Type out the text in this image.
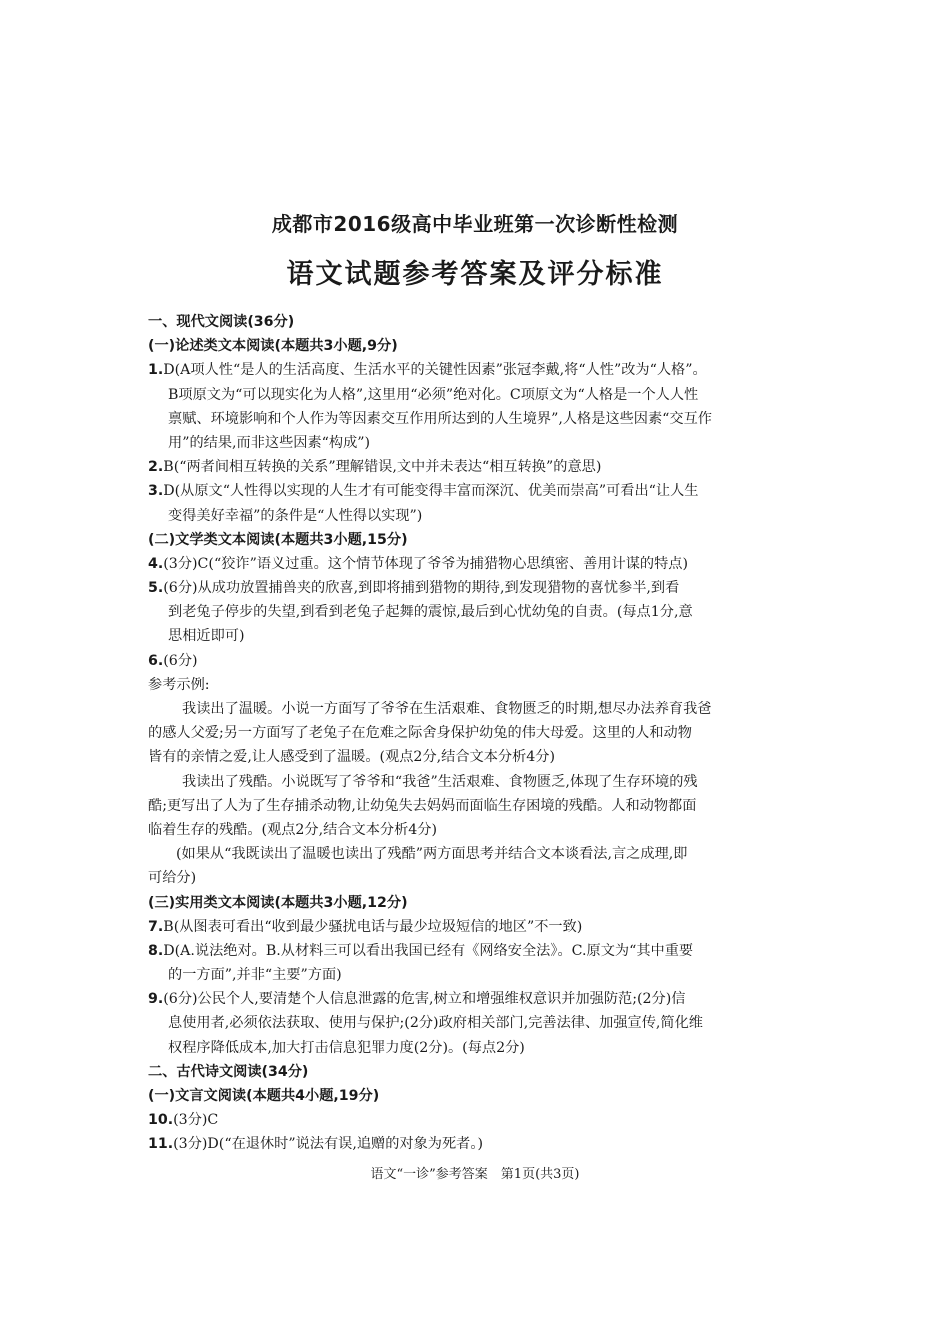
成都市2016级高中毕业班第一次诊断性检测
语文试题参考答案及评分标准
一、现代文阅读(36分)
(一)论述类文本阅读(本题共3小题,9分)
1.D(A项人性“是人的生活高度、生活水平的关键性因素”张冠李戴,将“人性”改为“人格”。
B项原文为“可以现实化为人格”,这里用“必须”绝对化。C项原文为“人格是一个人人性
禀赋、环境影响和个人作为等因素交互作用所达到的人生境界”,人格是这些因素“交互作
用”的结果,而非这些因素“构成”)
2.B(“两者间相互转换的关系”理解错误,文中并未表达“相互转换”的意思)
3.D(从原文“人性得以实现的人生才有可能变得丰富而深沉、优美而崇高”可看出“让人生
变得美好幸福”的条件是“人性得以实现”)
(二)文学类文本阅读(本题共3小题,15分)
4.(3分)C(“狡诈”语义过重。这个情节体现了爷爷为捕猎物心思缜密、善用计谋的特点)
5.(6分)从成功放置捕兽夹的欣喜,到即将捕到猎物的期待,到发现猎物的喜忧参半,到看
到老兔子停步的失望,到看到老兔子起舞的震惊,最后到心忧幼兔的自责。(每点1分,意
思相近即可)
6.(6分)
参考示例:
我读出了温暖。小说一方面写了爷爷在生活艰难、食物匮乏的时期,想尽办法养育我爸
的感人父爱;另一方面写了老兔子在危难之际舍身保护幼兔的伟大母爱。这里的人和动物
皆有的亲情之爱,让人感受到了温暖。(观点2分,结合文本分析4分)
我读出了残酷。小说既写了爷爷和“我爸”生活艰难、食物匮乏,体现了生存环境的残
酷;更写出了人为了生存捕杀动物,让幼兔失去妈妈而面临生存困境的残酷。人和动物都面
临着生存的残酷。(观点2分,结合文本分析4分)
(如果从“我既读出了温暖也读出了残酷”两方面思考并结合文本谈看法,言之成理,即
可给分)
(三)实用类文本阅读(本题共3小题,12分)
7.B(从图表可看出“收到最少骚扰电话与最少垃圾短信的地区”不一致)
8.D(A.说法绝对。B.从材料三可以看出我国已经有《网络安全法》。C.原文为“其中重要
的一方面”,并非“主要”方面)
9.(6分)公民个人,要清楚个人信息泄露的危害,树立和增强维权意识并加强防范;(2分)信
息使用者,必须依法获取、使用与保护;(2分)政府相关部门,完善法律、加强宣传,简化维
权程序降低成本,加大打击信息犯罪力度(2分)。(每点2分)
二、古代诗文阅读(34分)
(一)文言文阅读(本题共4小题,19分)
10.(3分)C
11.(3分)D(“在退休时”说法有误,追赠的对象为死者。)
语文“一诊”参考答案　第1页(共3页)
